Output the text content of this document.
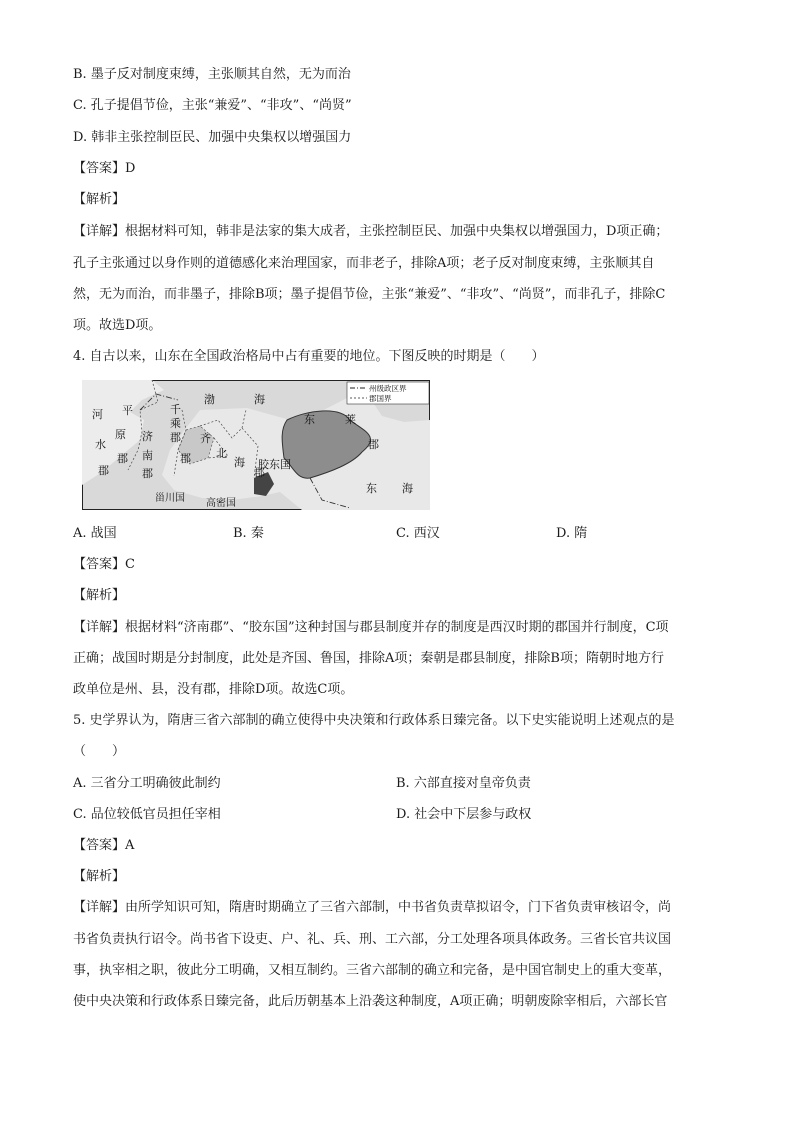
B. 墨子反对制度束缚，主张顺其自然，无为而治
C. 孔子提倡节俭，主张“兼爱”、“非攻”、“尚贤”
D. 韩非主张控制臣民、加强中央集权以增强国力
【答案】D
【解析】
【详解】根据材料可知，韩非是法家的集大成者，主张控制臣民、加强中央集权以增强国力，D项正确；
孔子主张通过以身作则的道德感化来治理国家，而非老子，排除A项；老子反对制度束缚，主张顺其自
然，无为而治，而非墨子，排除B项；墨子提倡节俭，主张“兼爱”、“非攻”、“尚贤”，而非孔子，排除C
项。故选D项。
4. 自古以来，山东在全国政治格局中占有重要的地位。下图反映的时期是（　　）
州级政区界
郡国界
河
水
郡
平
原
郡
千
乘
郡
渤	海
济
南
郡
齐
郡 北
海
郡
东	莱
郡
胶东国
甾川国 高密国
东 海
A. 战国	B. 秦	C. 西汉	D. 隋
【答案】C
【解析】
【详解】根据材料“济南郡”、“胶东国”这种封国与郡县制度并存的制度是西汉时期的郡国并行制度，C项
正确；战国时期是分封制度，此处是齐国、鲁国，排除A项；秦朝是郡县制度，排除B项；隋朝时地方行
政单位是州、县，没有郡，排除D项。故选C项。
5. 史学界认为，隋唐三省六部制的确立使得中央决策和行政体系日臻完备。以下史实能说明上述观点的是
（　　）
A. 三省分工明确彼此制约	B. 六部直接对皇帝负责
C. 品位较低官员担任宰相	D. 社会中下层参与政权
【答案】A
【解析】
【详解】由所学知识可知，隋唐时期确立了三省六部制，中书省负责草拟诏令，门下省负责审核诏令，尚
书省负责执行诏令。尚书省下设吏、户、礼、兵、刑、工六部，分工处理各项具体政务。三省长官共议国
事，执宰相之职，彼此分工明确，又相互制约。三省六部制的确立和完备，是中国官制史上的重大变革，
使中央决策和行政体系日臻完备，此后历朝基本上沿袭这种制度，A项正确；明朝废除宰相后，六部长官
